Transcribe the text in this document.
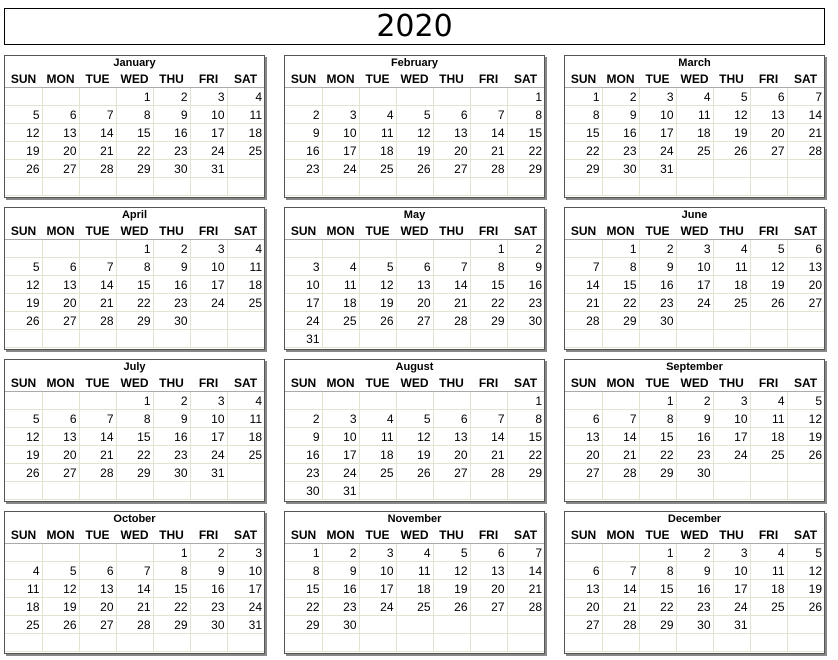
2020
January
SUN	MON	TUE	WED	THU	FRI	SAT
			1	2	3	4
5	6	7	8	9	10	11
12	13	14	15	16	17	18
19	20	21	22	23	24	25
26	27	28	29	30	31	

February
SUN	MON	TUE	WED	THU	FRI	SAT
						1
2	3	4	5	6	7	8
9	10	11	12	13	14	15
16	17	18	19	20	21	22
23	24	25	26	27	28	29

March
SUN	MON	TUE	WED	THU	FRI	SAT
1	2	3	4	5	6	7
8	9	10	11	12	13	14
15	16	17	18	19	20	21
22	23	24	25	26	27	28
29	30	31				

April
SUN	MON	TUE	WED	THU	FRI	SAT
			1	2	3	4
5	6	7	8	9	10	11
12	13	14	15	16	17	18
19	20	21	22	23	24	25
26	27	28	29	30		

May
SUN	MON	TUE	WED	THU	FRI	SAT
					1	2
3	4	5	6	7	8	9
10	11	12	13	14	15	16
17	18	19	20	21	22	23
24	25	26	27	28	29	30
31						
June
SUN	MON	TUE	WED	THU	FRI	SAT
	1	2	3	4	5	6
7	8	9	10	11	12	13
14	15	16	17	18	19	20
21	22	23	24	25	26	27
28	29	30				

July
SUN	MON	TUE	WED	THU	FRI	SAT
			1	2	3	4
5	6	7	8	9	10	11
12	13	14	15	16	17	18
19	20	21	22	23	24	25
26	27	28	29	30	31	

August
SUN	MON	TUE	WED	THU	FRI	SAT
						1
2	3	4	5	6	7	8
9	10	11	12	13	14	15
16	17	18	19	20	21	22
23	24	25	26	27	28	29
30	31					
September
SUN	MON	TUE	WED	THU	FRI	SAT
		1	2	3	4	5
6	7	8	9	10	11	12
13	14	15	16	17	18	19
20	21	22	23	24	25	26
27	28	29	30			

October
SUN	MON	TUE	WED	THU	FRI	SAT
				1	2	3
4	5	6	7	8	9	10
11	12	13	14	15	16	17
18	19	20	21	22	23	24
25	26	27	28	29	30	31

November
SUN	MON	TUE	WED	THU	FRI	SAT
1	2	3	4	5	6	7
8	9	10	11	12	13	14
15	16	17	18	19	20	21
22	23	24	25	26	27	28
29	30					

December
SUN	MON	TUE	WED	THU	FRI	SAT
		1	2	3	4	5
6	7	8	9	10	11	12
13	14	15	16	17	18	19
20	21	22	23	24	25	26
27	28	29	30	31		
